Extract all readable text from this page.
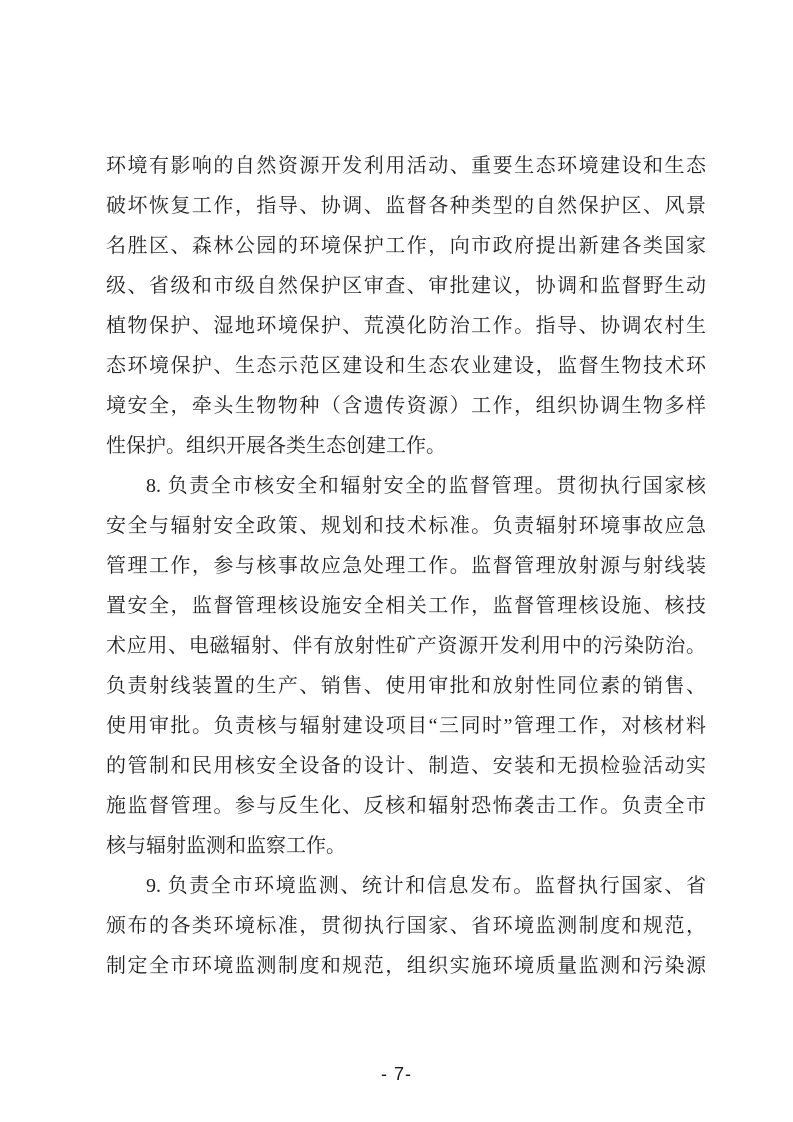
环境有影响的自然资源开发利用活动、重要生态环境建设和生态
破坏恢复工作，指导、协调、监督各种类型的自然保护区、风景
名胜区、森林公园的环境保护工作，向市政府提出新建各类国家
级、省级和市级自然保护区审查、审批建议，协调和监督野生动
植物保护、湿地环境保护、荒漠化防治工作。指导、协调农村生
态环境保护、生态示范区建设和生态农业建设，监督生物技术环
境安全，牵头生物物种（含遗传资源）工作，组织协调生物多样
性保护。组织开展各类生态创建工作。
8. 负责全市核安全和辐射安全的监督管理。贯彻执行国家核
安全与辐射安全政策、规划和技术标准。负责辐射环境事故应急
管理工作，参与核事故应急处理工作。监督管理放射源与射线装
置安全，监督管理核设施安全相关工作，监督管理核设施、核技
术应用、电磁辐射、伴有放射性矿产资源开发利用中的污染防治。
负责射线装置的生产、销售、使用审批和放射性同位素的销售、
使用审批。负责核与辐射建设项目“三同时”管理工作，对核材料
的管制和民用核安全设备的设计、制造、安装和无损检验活动实
施监督管理。参与反生化、反核和辐射恐怖袭击工作。负责全市
核与辐射监测和监察工作。
9. 负责全市环境监测、统计和信息发布。监督执行国家、省
颁布的各类环境标准，贯彻执行国家、省环境监测制度和规范，
制定全市环境监测制度和规范，组织实施环境质量监测和污染源
- 7-
